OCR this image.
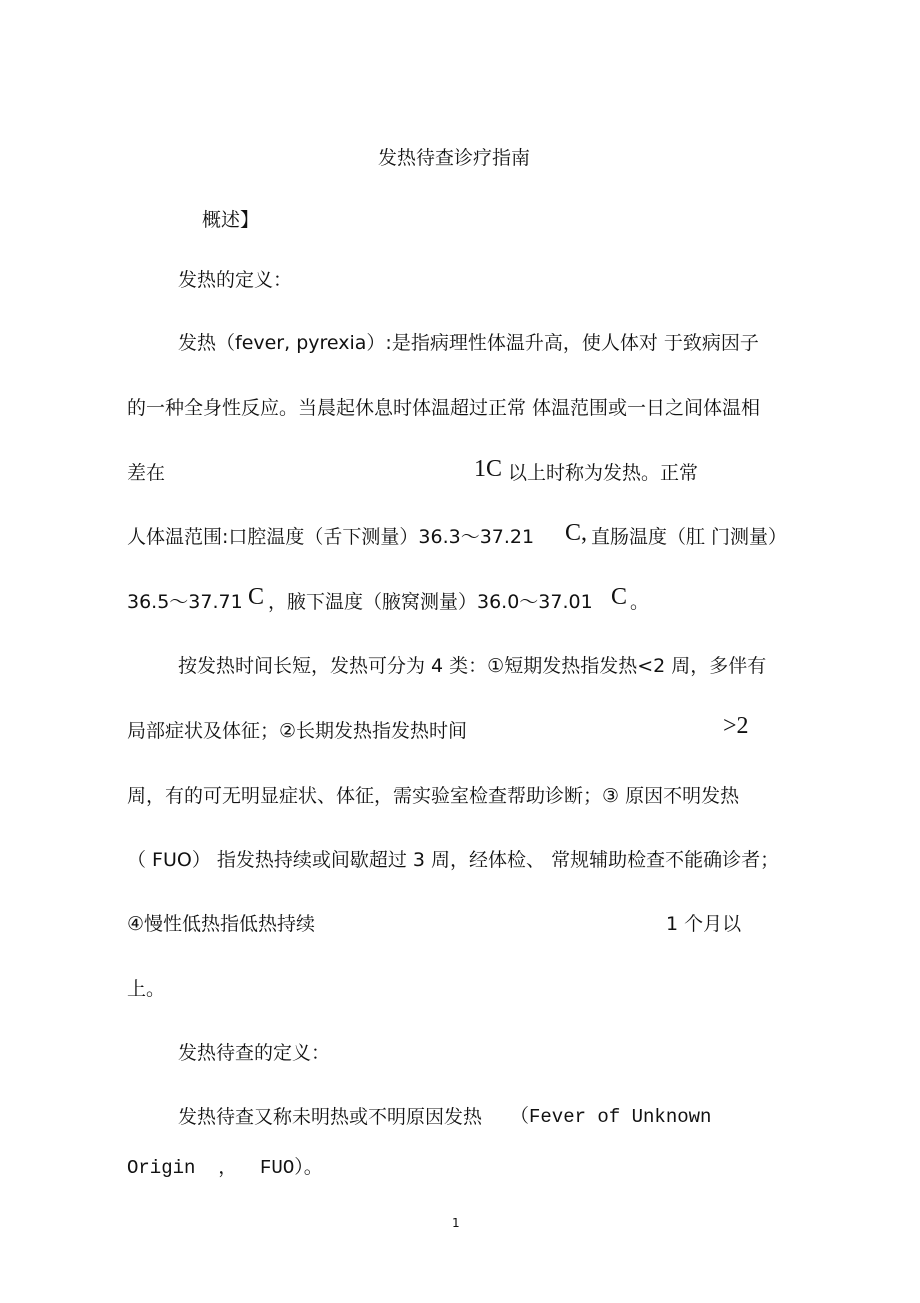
发热待查诊疗指南
概述】
发热的定义：
发热（fever, pyrexia）:是指病理性体温升高，使人体对 于致病因子
的一种全身性反应。当晨起休息时体温超过正常 体温范围或一日之间体温相
差在	1C 以上时称为发热。正常
人体温范围:口腔温度（舌下测量）36.3～37.21 C, 直肠温度（肛 门测量）
36.5～37.71 C ，腋下温度（腋窝测量）36.0～37.01 C 。
按发热时间长短，发热可分为 4 类：①短期发热指发热<2 周，多伴有
局部症状及体征；②长期发热指发热时间	>2
周，有的可无明显症状、体征，需实验室检查帮助诊断；③ 原因不明发热
（ FUO） 指发热持续或间歇超过 3 周，经体检、 常规辅助检查不能确诊者；
④慢性低热指低热持续	1 个月以
上。
发热待查的定义：
发热待查又称未明热或不明原因发热 （Fever of Unknown
Origin  ，  FUO）。
1
